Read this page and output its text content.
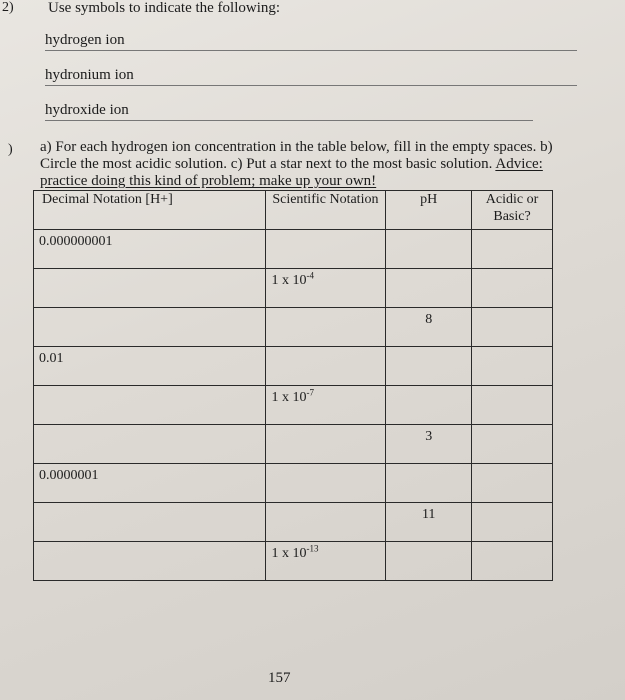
2) Use symbols to indicate the following:
hydrogen ion
hydronium ion
hydroxide ion
) a) For each hydrogen ion concentration in the table below, fill in the empty spaces. b) Circle the most acidic solution. c) Put a star next to the most basic solution. Advice: practice doing this kind of problem; make up your own!
Decimal Notation [H+]	Scientific Notation	pH	Acidic or Basic?

0.000000001			

	1 x $10^{-4}$

		8	

0.01			

	1 x $10^{-7}$

		3	

0.0000001			

		11	

	1 x $10^{-13}$

157
